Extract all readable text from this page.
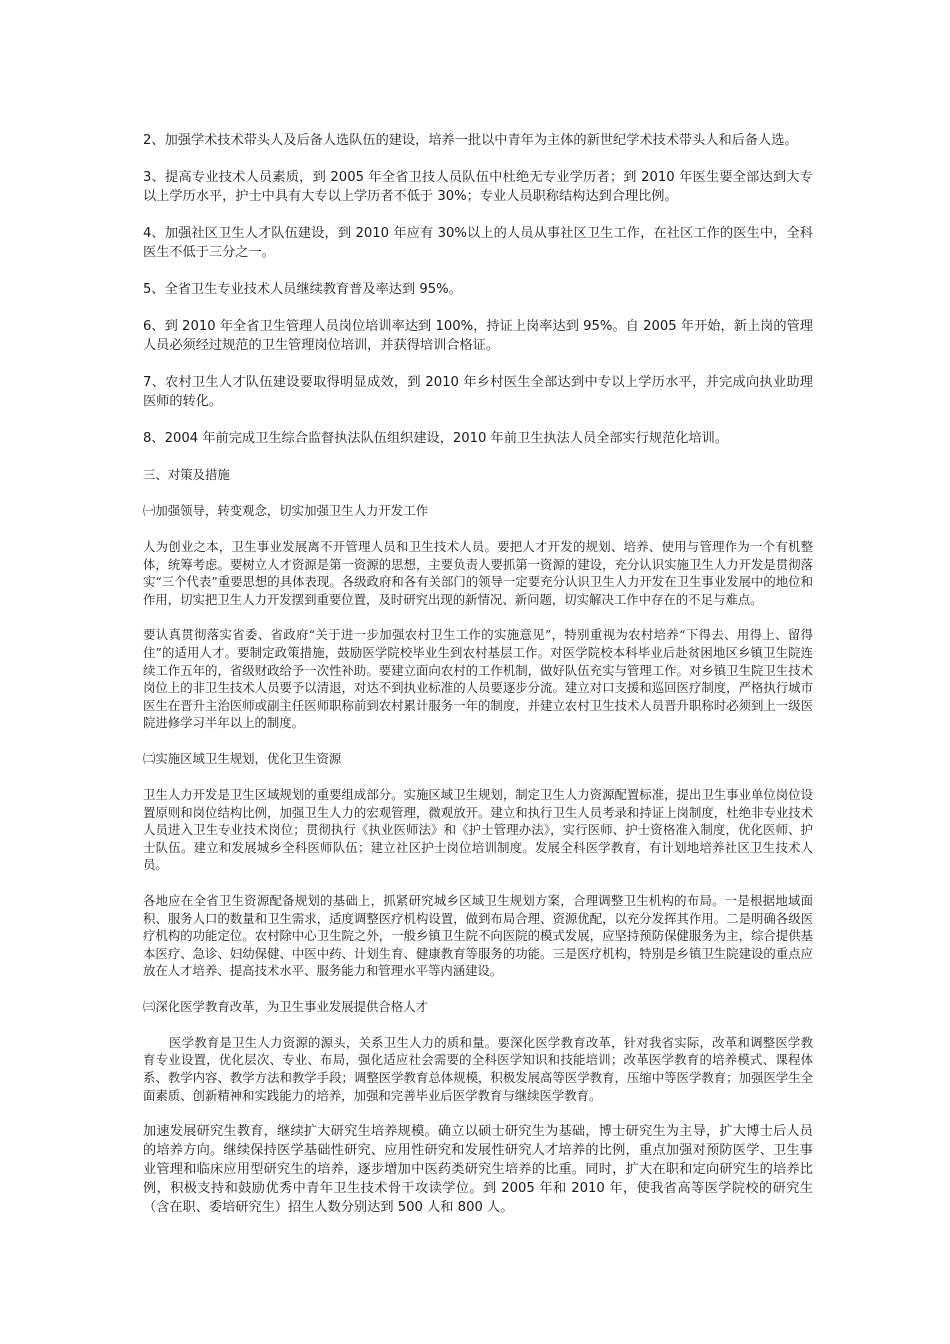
2、加强学术技术带头人及后备人选队伍的建设，培养一批以中青年为主体的新世纪学术技术带头人和后备人选。

3、提高专业技术人员素质，到 2005 年全省卫技人员队伍中杜绝无专业学历者；到 2010 年医生要全部达到大专以上学历水平，护士中具有大专以上学历者不低于 30%；专业人员职称结构达到合理比例。

4、加强社区卫生人才队伍建设，到 2010 年应有 30%以上的人员从事社区卫生工作，在社区工作的医生中，全科医生不低于三分之一。

5、全省卫生专业技术人员继续教育普及率达到 95%。

6、到 2010 年全省卫生管理人员岗位培训率达到 100%，持证上岗率达到 95%。自 2005 年开始，新上岗的管理人员必须经过规范的卫生管理岗位培训，并获得培训合格证。

7、农村卫生人才队伍建设要取得明显成效，到 2010 年乡村医生全部达到中专以上学历水平，并完成向执业助理医师的转化。

8、2004 年前完成卫生综合监督执法队伍组织建设，2010 年前卫生执法人员全部实行规范化培训。

三、对策及措施

㈠加强领导，转变观念，切实加强卫生人力开发工作

人为创业之本，卫生事业发展离不开管理人员和卫生技术人员。要把人才开发的规划、培养、使用与管理作为一个有机整体，统筹考虑。要树立人才资源是第一资源的思想，主要负责人要抓第一资源的建设，充分认识实施卫生人力开发是贯彻落实“三个代表”重要思想的具体表现。各级政府和各有关部门的领导一定要充分认识卫生人力开发在卫生事业发展中的地位和作用，切实把卫生人力开发摆到重要位置，及时研究出现的新情况、新问题，切实解决工作中存在的不足与难点。

要认真贯彻落实省委、省政府“关于进一步加强农村卫生工作的实施意见”，特别重视为农村培养“下得去、用得上、留得住”的适用人才。要制定政策措施，鼓励医学院校毕业生到农村基层工作。对医学院校本科毕业后赴贫困地区乡镇卫生院连续工作五年的，省级财政给予一次性补助。要建立面向农村的工作机制，做好队伍充实与管理工作。对乡镇卫生院卫生技术岗位上的非卫生技术人员要予以清退，对达不到执业标准的人员要逐步分流。建立对口支援和巡回医疗制度，严格执行城市医生在晋升主治医师或副主任医师职称前到农村累计服务一年的制度，并建立农村卫生技术人员晋升职称时必须到上一级医院进修学习半年以上的制度。

㈡实施区域卫生规划，优化卫生资源

卫生人力开发是卫生区域规划的重要组成部分。实施区域卫生规划，制定卫生人力资源配置标准，提出卫生事业单位岗位设置原则和岗位结构比例，加强卫生人力的宏观管理，微观放开。建立和执行卫生人员考录和持证上岗制度，杜绝非专业技术人员进入卫生专业技术岗位；贯彻执行《执业医师法》和《护士管理办法》，实行医师、护士资格准入制度，优化医师、护士队伍。建立和发展城乡全科医师队伍；建立社区护士岗位培训制度。发展全科医学教育，有计划地培养社区卫生技术人员。

各地应在全省卫生资源配备规划的基础上，抓紧研究城乡区域卫生规划方案，合理调整卫生机构的布局。一是根据地域面积、服务人口的数量和卫生需求，适度调整医疗机构设置，做到布局合理、资源优配，以充分发挥其作用。二是明确各级医疗机构的功能定位。农村除中心卫生院之外，一般乡镇卫生院不向医院的模式发展，应坚持预防保健服务为主，综合提供基本医疗、急诊、妇幼保健、中医中药、计划生育、健康教育等服务的功能。三是医疗机构，特别是乡镇卫生院建设的重点应放在人才培养、提高技术水平、服务能力和管理水平等内涵建设。

㈢深化医学教育改革，为卫生事业发展提供合格人才

医学教育是卫生人力资源的源头，关系卫生人力的质和量。要深化医学教育改革，针对我省实际，改革和调整医学教育专业设置，优化层次、专业、布局，强化适应社会需要的全科医学知识和技能培训；改革医学教育的培养模式、课程体系、教学内容、教学方法和教学手段；调整医学教育总体规模，积极发展高等医学教育，压缩中等医学教育；加强医学生全面素质、创新精神和实践能力的培养，加强和完善毕业后医学教育与继续医学教育。

加速发展研究生教育，继续扩大研究生培养规模。确立以硕士研究生为基础，博士研究生为主导，扩大博士后人员的培养方向。继续保持医学基础性研究、应用性研究和发展性研究人才培养的比例，重点加强对预防医学、卫生事业管理和临床应用型研究生的培养，逐步增加中医药类研究生培养的比重。同时，扩大在职和定向研究生的培养比例，积极支持和鼓励优秀中青年卫生技术骨干攻读学位。到 2005 年和 2010 年，使我省高等医学院校的研究生（含在职、委培研究生）招生人数分别达到 500 人和 800 人。
